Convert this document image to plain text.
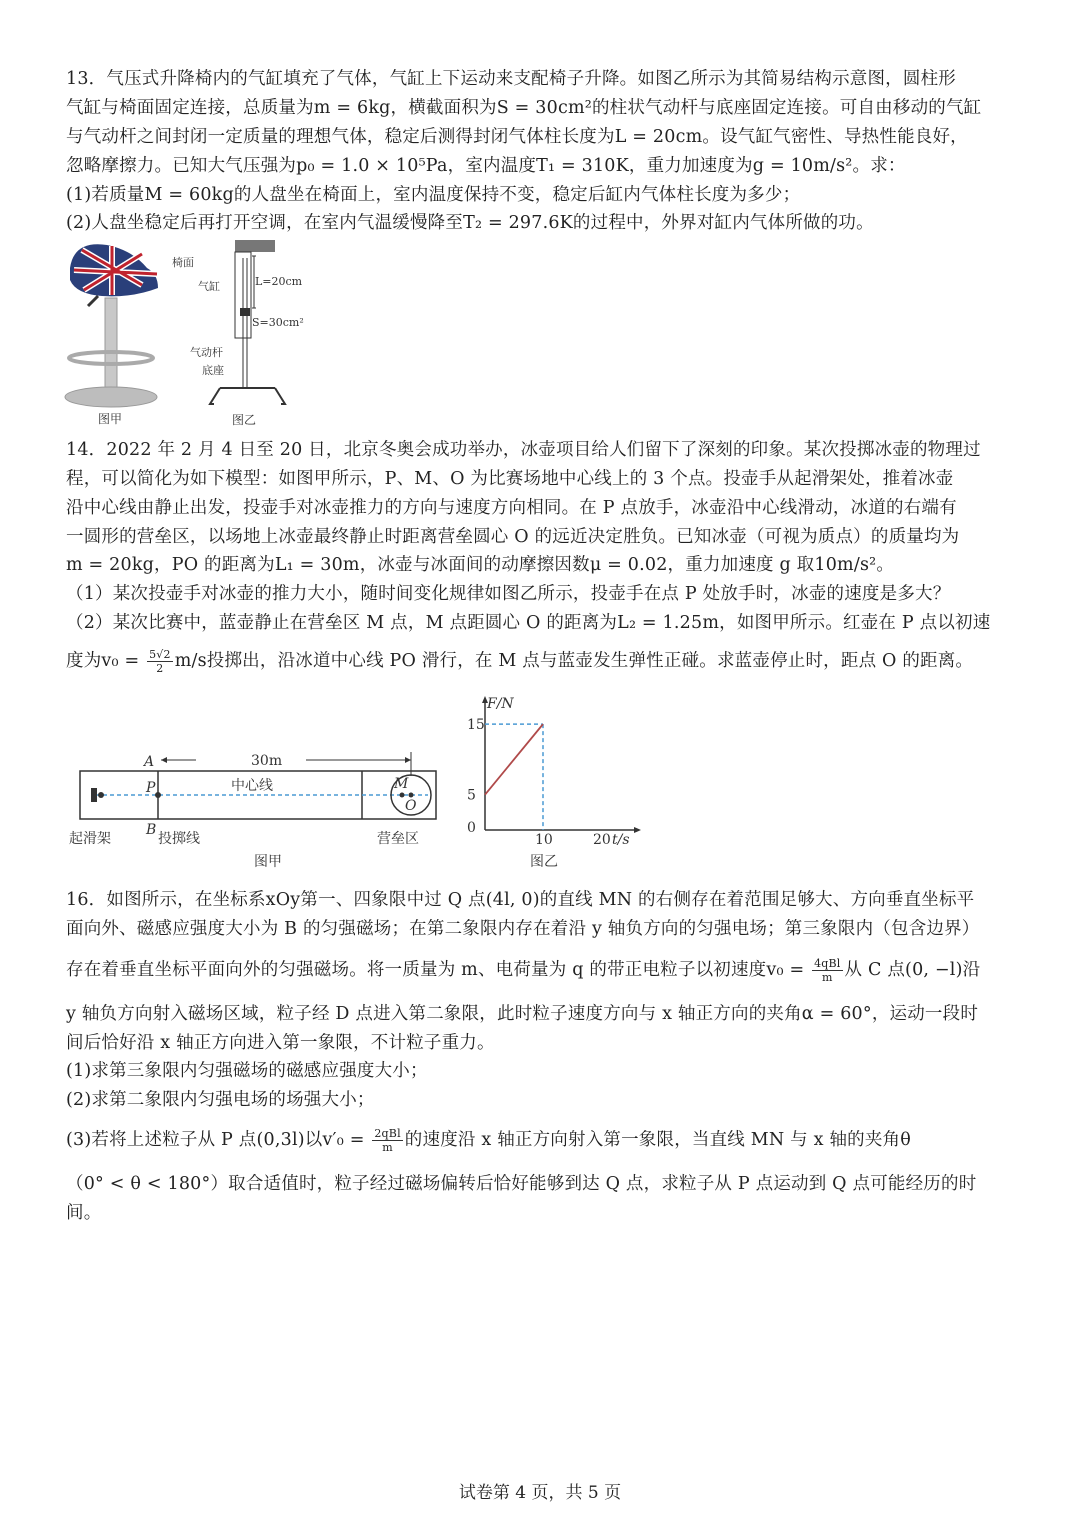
13．气压式升降椅内的气缸填充了气体，气缸上下运动来支配椅子升降。如图乙所示为其简易结构示意图，圆柱形
气缸与椅面固定连接，总质量为m = 6kg，横截面积为S = 30cm²的柱状气动杆与底座固定连接。可自由移动的气缸
与气动杆之间封闭一定质量的理想气体，稳定后测得封闭气体柱长度为L = 20cm。设气缸气密性、导热性能良好，
忽略摩擦力。已知大气压强为p₀ = 1.0 × 10⁵Pa，室内温度T₁ = 310K，重力加速度为g = 10m/s²。求：
(1)若质量M = 60kg的人盘坐在椅面上，室内温度保持不变，稳定后缸内气体柱长度为多少；
(2)人盘坐稳定后再打开空调，在室内气温缓慢降至T₂ = 297.6K的过程中，外界对缸内气体所做的功。
图甲
L=20cm
S=30cm²
椅面
气缸
气动杆
底座
图乙
14．2022 年 2 月 4 日至 20 日，北京冬奥会成功举办，冰壶项目给人们留下了深刻的印象。某次投掷冰壶的物理过
程，可以简化为如下模型：如图甲所示，P、M、O 为比赛场地中心线上的 3 个点。投壶手从起滑架处，推着冰壶
沿中心线由静止出发，投壶手对冰壶推力的方向与速度方向相同。在 P 点放手，冰壶沿中心线滑动，冰道的右端有
一圆形的营垒区，以场地上冰壶最终静止时距离营垒圆心 O 的远近决定胜负。已知冰壶（可视为质点）的质量均为
m = 20kg，PO 的距离为L₁ = 30m，冰壶与冰面间的动摩擦因数μ = 0.02，重力加速度 g 取10m/s²。
（1）某次投壶手对冰壶的推力大小，随时间变化规律如图乙所示，投壶手在点 P 处放手时，冰壶的速度是多大？
（2）某次比赛中，蓝壶静止在营垒区 M 点，M 点距圆心 O 的距离为L₂ = 1.25m，如图甲所示。红壶在 P 点以初速
度为$v_0 = \frac{5√2}{2} m/s$投掷出，沿冰道中心线 PO 滑行，在 M 点与蓝壶发生弹性正碰。求蓝壶停止时，距点 O 的距离。
30m
A
P
B
M
O
中心线
起滑架	投掷线	营垒区
图甲
0
5
15
10	20
F/N
t/s
图乙
16．如图所示，在坐标系xOy第一、四象限中过 Q 点(4l, 0)的直线 MN 的右侧存在着范围足够大、方向垂直坐标平
面向外、磁感应强度大小为 B 的匀强磁场；在第二象限内存在着沿 y 轴负方向的匀强电场；第三象限内（包含边界）
存在着垂直坐标平面向外的匀强磁场。将一质量为 m、电荷量为 q 的带正电粒子以初速度$v_0 = \frac{\text{4qBl}}{m}$ 从 C 点(0, −l)沿
y 轴负方向射入磁场区域，粒子经 D 点进入第二象限，此时粒子速度方向与 x 轴正方向的夹角α = 60°，运动一段时
间后恰好沿 x 轴正方向进入第一象限，不计粒子重力。
(1)求第三象限内匀强磁场的磁感应强度大小；
(2)求第二象限内匀强电场的场强大小；
(3)若将上述粒子从 P 点(0,3l)以$v'_0 = \frac{\text{2qBl}}{m}$ 的速度沿 x 轴正方向射入第一象限，当直线 MN 与 x 轴的夹角θ
（0° < θ < 180°）取合适值时，粒子经过磁场偏转后恰好能够到达 Q 点，求粒子从 P 点运动到 Q 点可能经历的时
间。
试卷第 4 页，共 5 页
